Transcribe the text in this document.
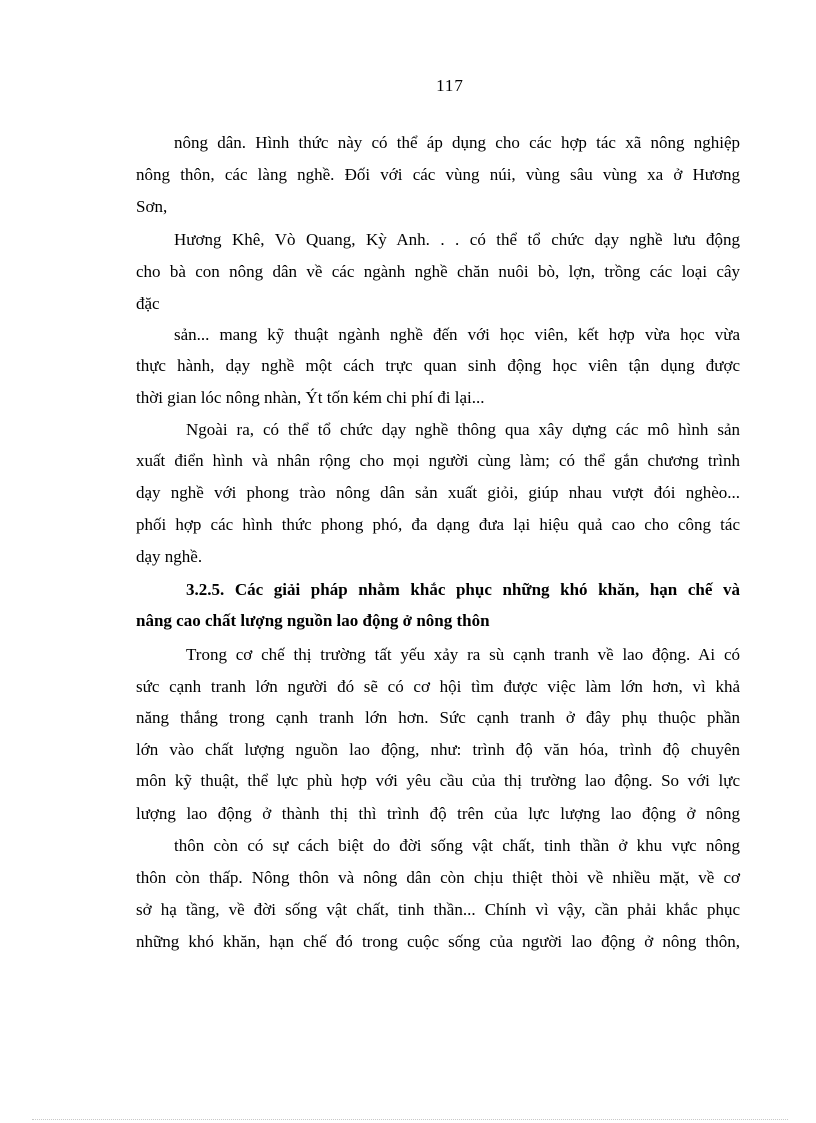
117
nông dân. Hình thức này có thể áp dụng cho các hợp tác xã nông nghiệp
nông thôn, các làng nghề. Đối với các vùng núi, vùng sâu vùng xa ở Hương
Sơn,
Hương Khê, Vò Quang, Kỳ Anh. . . có thể tổ chức dạy nghề lưu động
cho bà con nông dân về các ngành nghề chăn nuôi bò, lợn, trồng các loại cây
đặc
sản... mang kỹ thuật ngành nghề đến với học viên, kết hợp vừa học vừa
thực hành, dạy nghề một cách trực quan sinh động học viên tận dụng được
thời gian lóc nông nhàn, Ýt tốn kém chi phí đi lại...
Ngoài ra, có thể tổ chức dạy nghề thông qua xây dựng các mô hình sản
xuất điển hình và nhân rộng cho mọi người cùng làm; có thể gắn chương trình
dạy nghề với phong trào nông dân sản xuất giỏi, giúp nhau vượt đói nghèo...
phối hợp các hình thức phong phó, đa dạng đưa lại hiệu quả cao cho công tác
dạy nghề.
3.2.5. Các giải pháp nhằm khắc phục những khó khăn, hạn chế và
nâng cao chất lượng nguồn lao động ở nông thôn
Trong cơ chế thị trường tất yếu xảy ra sù cạnh tranh về lao động. Ai có
sức cạnh tranh lớn người đó sẽ có cơ hội tìm được việc làm lớn hơn, vì khả
năng thắng trong cạnh tranh lớn hơn. Sức cạnh tranh ở đây phụ thuộc phần
lớn vào chất lượng nguồn lao động, như: trình độ văn hóa, trình độ chuyên
môn kỹ thuật, thể lực phù hợp với yêu cầu của thị trường lao động. So với lực
lượng lao động ở thành thị thì trình độ trên của lực lượng lao động ở nông
thôn còn có sự cách biệt do đời sống vật chất, tinh thần ở khu vực nông
thôn còn thấp. Nông thôn và nông dân còn chịu thiệt thòi về nhiều mặt, về cơ
sở hạ tầng, về đời sống vật chất, tinh thần... Chính vì vậy, cần phải khắc phục
những khó khăn, hạn chế đó trong cuộc sống của người lao động ở nông thôn,
